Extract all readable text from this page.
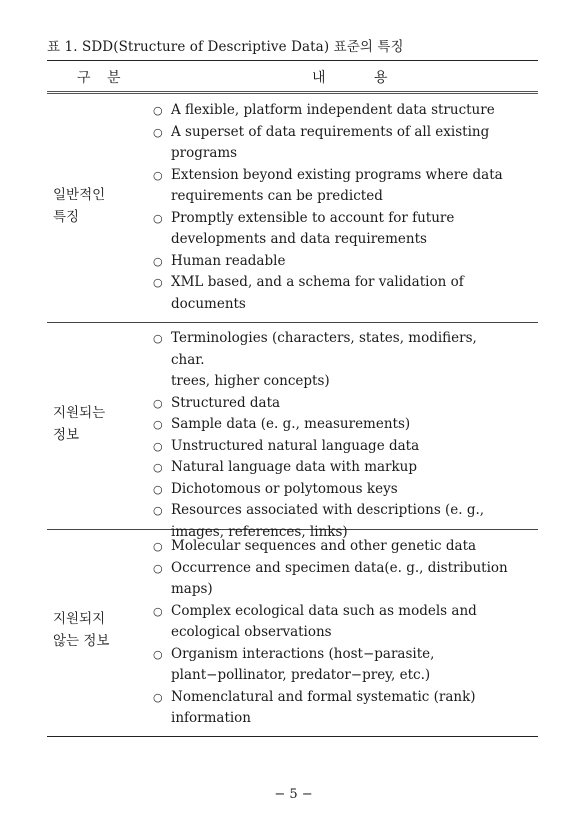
표 1. SDD(Structure of Descriptive Data) 표준의 특징
구 분	내 용
일반적인
특징
○ A flexible, platform independent data structure
○ A superset of data requirements of all existing
programs
○ Extension beyond existing programs where data
requirements can be predicted
○ Promptly extensible to account for future
developments and data requirements
○ Human readable
○ XML based, and a schema for validation of
documents
지원되는
정보
○ Terminologies (characters, states, modifiers, char.
trees, higher concepts)
○ Structured data
○ Sample data (e. g., measurements)
○ Unstructured natural language data
○ Natural language data with markup
○ Dichotomous or polytomous keys
○ Resources associated with descriptions (e. g.,
images, references, links)
지원되지
않는 정보
○ Molecular sequences and other genetic data
○ Occurrence and specimen data(e. g., distribution
maps)
○ Complex ecological data such as models and
ecological observations
○ Organism interactions (host−parasite,
plant−pollinator, predator−prey, etc.)
○ Nomenclatural and formal systematic (rank)
information
− 5 −
